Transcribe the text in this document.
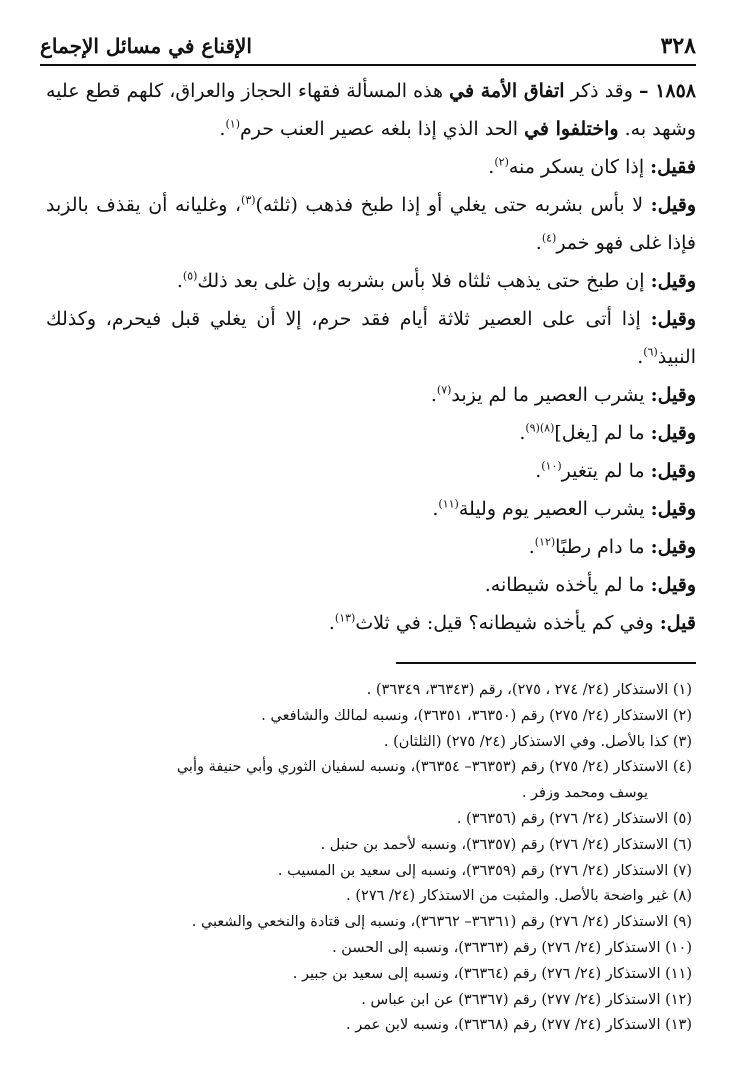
٣٢٨
الإقناع في مسائل الإجماع

١٨٥٨ – وقد ذكر اتفاق الأمة في هذه المسألة فقهاء الحجاز والعراق، كلهم قطع عليه وشهد به. واختلفوا في الحد الذي إذا بلغه عصير العنب حرم$^{(١)}$.

فقيل: إذا كان يسكر منه$^{(٢)}$.

وقيل: لا بأس بشربه حتى يغلي أو إذا طبخ فذهب (ثلثه)$^{(٣)}$، وغليانه أن يقذف بالزبد فإذا غلى فهو خمر$^{(٤)}$.

وقيل: إن طبخ حتى يذهب ثلثاه فلا بأس بشربه وإن غلى بعد ذلك$^{(٥)}$.

وقيل: إذا أتى على العصير ثلاثة أيام فقد حرم، إلا أن يغلي قبل فيحرم، وكذلك النبيذ$^{(٦)}$.

وقيل: يشرب العصير ما لم يزبد$^{(٧)}$.

وقيل: ما لم [يغل]$^{(٨)(٩)}$.

وقيل: ما لم يتغير$^{(١٠)}$.

وقيل: يشرب العصير يوم وليلة$^{(١١)}$.

وقيل: ما دام رطبًا$^{(١٢)}$.

وقيل: ما لم يأخذه شيطانه.

قيل: وفي كم يأخذه شيطانه؟ قيل: في ثلاث$^{(١٣)}$.

(١) الاستذكار (٢٤/ ٢٧٤ ، ٢٧٥)، رقم (٣٦٣٤٣، ٣٦٣٤٩) .
(٢) الاستذكار (٢٤/ ٢٧٥) رقم (٣٦٣٥٠، ٣٦٣٥١)، ونسبه لمالك والشافعي .
(٣) كذا بالأصل. وفي الاستذكار (٢٤/ ٢٧٥) (الثلثان) .
(٤) الاستذكار (٢٤/ ٢٧٥) رقم (٣٦٣٥٣– ٣٦٣٥٤)، ونسبه لسفيان الثوري وأبي حنيفة وأبي
يوسف ومحمد وزفر .
(٥) الاستذكار (٢٤/ ٢٧٦) رقم (٣٦٣٥٦) .
(٦) الاستذكار (٢٤/ ٢٧٦) رقم (٣٦٣٥٧)، ونسبه لأحمد بن حنبل .
(٧) الاستذكار (٢٤/ ٢٧٦) رقم (٣٦٣٥٩)، ونسبه إلى سعيد بن المسيب .
(٨) غير واضحة بالأصل. والمثبت من الاستذكار (٢٤/ ٢٧٦) .
(٩) الاستذكار (٢٤/ ٢٧٦) رقم (٣٦٣٦١– ٣٦٣٦٢)، ونسبه إلى قتادة والنخعي والشعبي .
(١٠) الاستذكار (٢٤/ ٢٧٦) رقم (٣٦٣٦٣)، ونسبه إلى الحسن .
(١١) الاستذكار (٢٤/ ٢٧٦) رقم (٣٦٣٦٤)، ونسبه إلى سعيد بن جبير .
(١٢) الاستذكار (٢٤/ ٢٧٧) رقم (٣٦٣٦٧) عن ابن عباس .
(١٣) الاستذكار (٢٤/ ٢٧٧) رقم (٣٦٣٦٨)، ونسبه لابن عمر .
